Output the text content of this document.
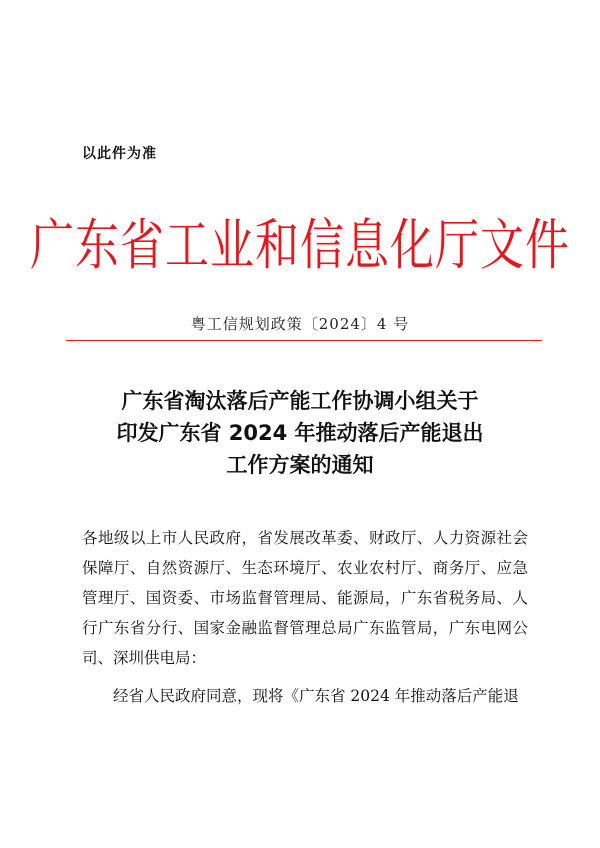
以此件为准
广东省工业和信息化厅文件
粤工信规划政策〔2024〕4 号
广东省淘汰落后产能工作协调小组关于
印发广东省 2024 年推动落后产能退出
工作方案的通知

各地级以上市人民政府，省发展改革委、财政厅、人力资源社会保障厅、自然资源厅、生态环境厅、农业农村厅、商务厅、应急管理厅、国资委、市场监督管理局、能源局，广东省税务局、人行广东省分行、国家金融监督管理总局广东监管局，广东电网公司、深圳供电局：

经省人民政府同意，现将《广东省 2024 年推动落后产能退
